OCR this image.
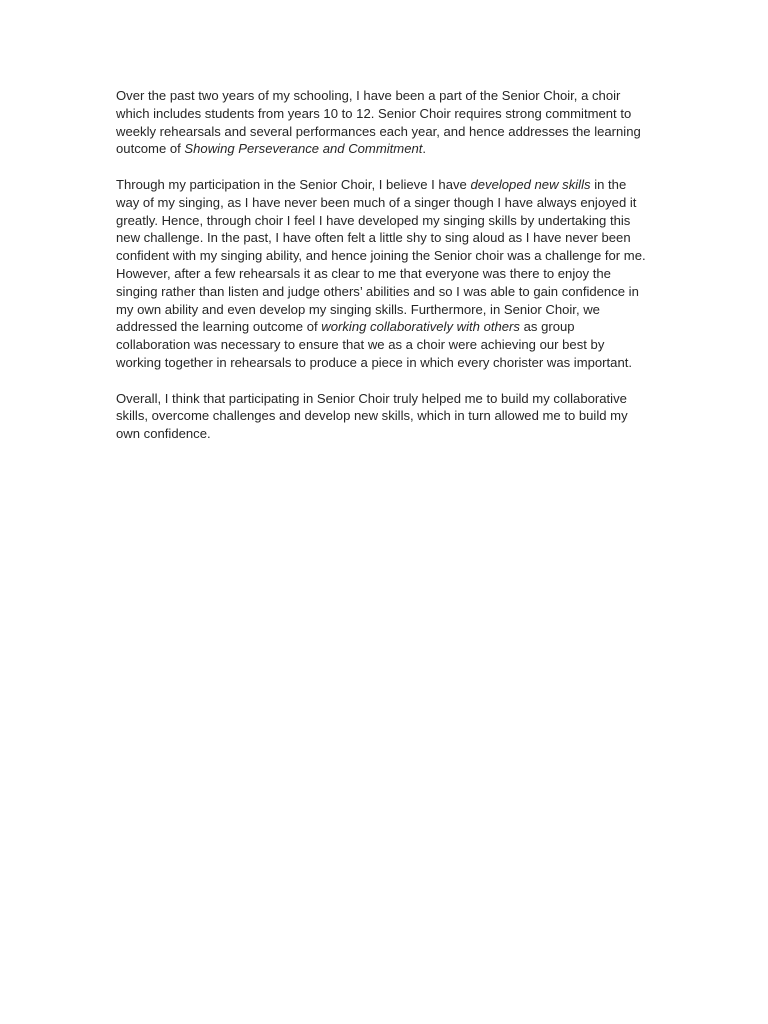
Over the past two years of my schooling, I have been a part of the Senior Choir, a choir which includes students from years 10 to 12. Senior Choir requires strong commitment to weekly rehearsals and several performances each year, and hence addresses the learning outcome of Showing Perseverance and Commitment.

Through my participation in the Senior Choir, I believe I have developed new skills in the way of my singing, as I have never been much of a singer though I have always enjoyed it greatly. Hence, through choir I feel I have developed my singing skills by undertaking this new challenge. In the past, I have often felt a little shy to sing aloud as I have never been confident with my singing ability, and hence joining the Senior choir was a challenge for me. However, after a few rehearsals it as clear to me that everyone was there to enjoy the singing rather than listen and judge others’ abilities and so I was able to gain confidence in my own ability and even develop my singing skills. Furthermore, in Senior Choir, we addressed the learning outcome of working collaboratively with others as group collaboration was necessary to ensure that we as a choir were achieving our best by working together in rehearsals to produce a piece in which every chorister was important.

Overall, I think that participating in Senior Choir truly helped me to build my collaborative skills, overcome challenges and develop new skills, which in turn allowed me to build my own confidence.
